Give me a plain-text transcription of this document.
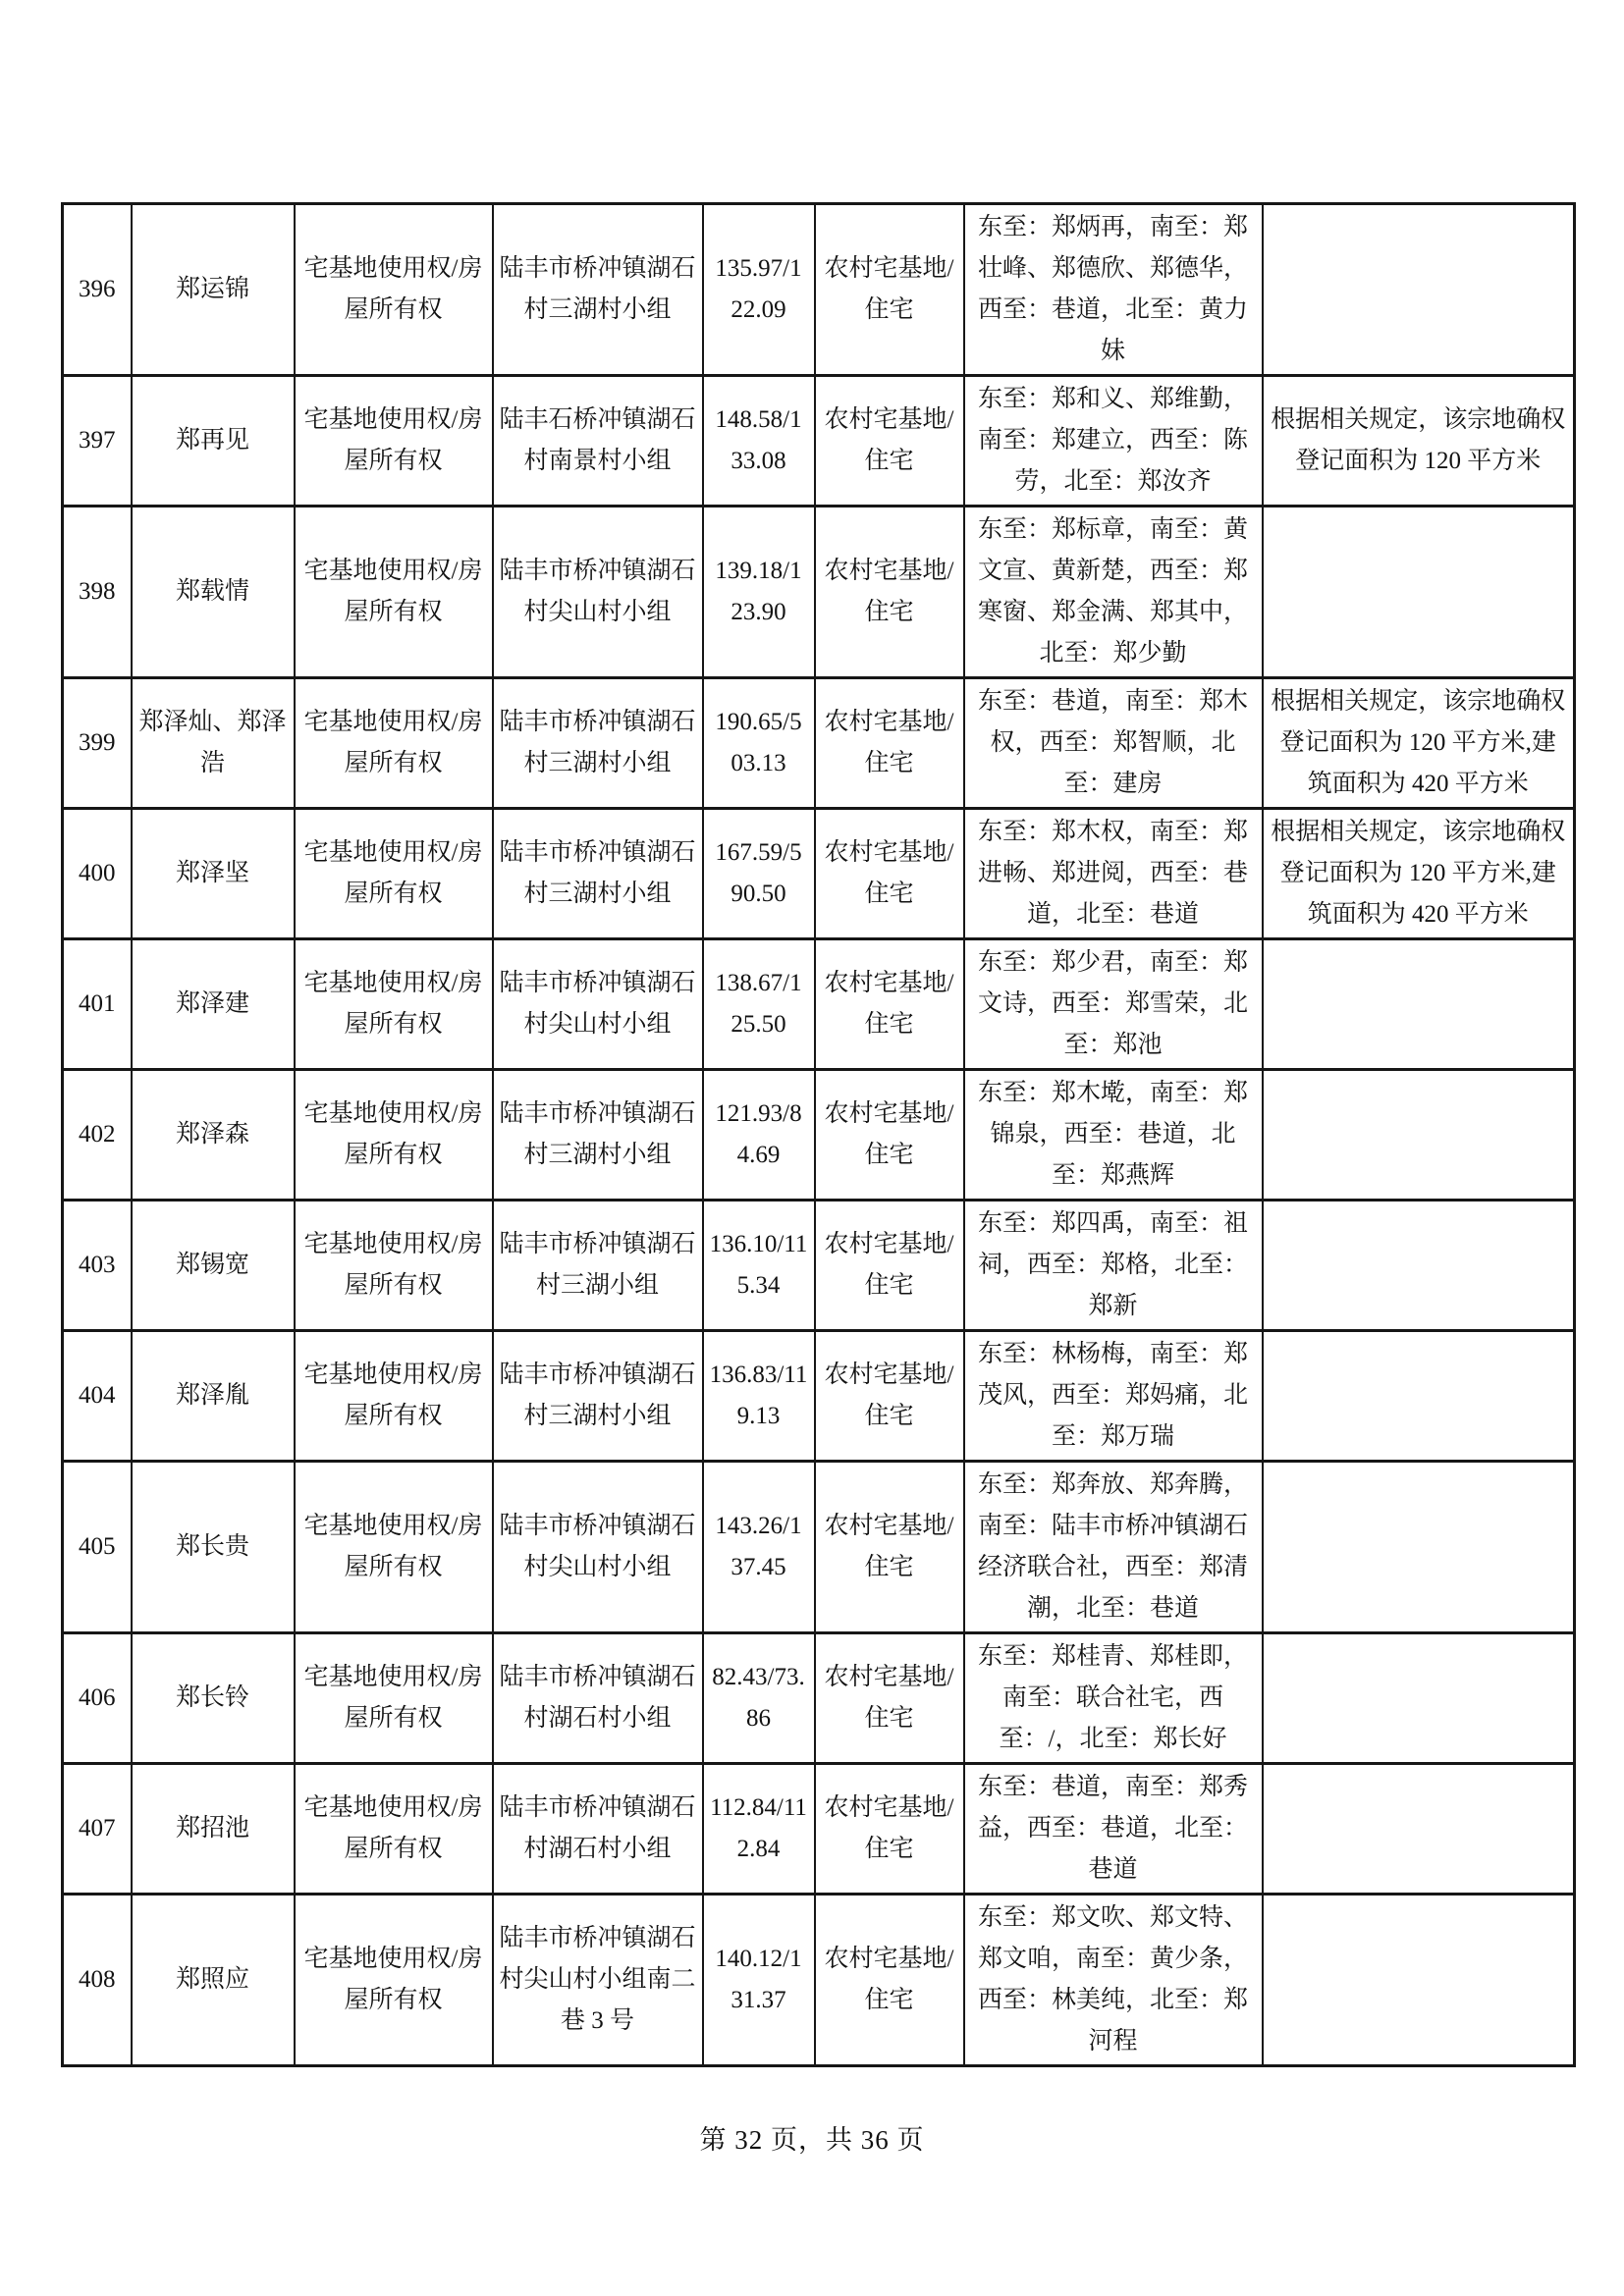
396	郑运锦	宅基地使用权/房屋所有权	陆丰市桥冲镇湖石村三湖村小组	135.97/122.09	农村宅基地/住宅	东至：郑炳再，南至：郑壮峰、郑德欣、郑德华，西至：巷道，北至：黄力妹	
397	郑再见	宅基地使用权/房屋所有权	陆丰石桥冲镇湖石村南景村小组	148.58/133.08	农村宅基地/住宅	东至：郑和义、郑维勤，南至：郑建立，西至：陈劳，北至：郑汝齐	根据相关规定，该宗地确权登记面积为 120 平方米
398	郑载情	宅基地使用权/房屋所有权	陆丰市桥冲镇湖石村尖山村小组	139.18/123.90	农村宅基地/住宅	东至：郑标章，南至：黄文宣、黄新楚，西至：郑寒窗、郑金满、郑其中，北至：郑少勤	
399	郑泽灿、郑泽浩	宅基地使用权/房屋所有权	陆丰市桥冲镇湖石村三湖村小组	190.65/503.13	农村宅基地/住宅	东至：巷道，南至：郑木权，西至：郑智顺，北至：建房	根据相关规定，该宗地确权登记面积为 120 平方米,建筑面积为 420 平方米
400	郑泽坚	宅基地使用权/房屋所有权	陆丰市桥冲镇湖石村三湖村小组	167.59/590.50	农村宅基地/住宅	东至：郑木权，南至：郑进畅、郑进阅，西至：巷道，北至：巷道	根据相关规定，该宗地确权登记面积为 120 平方米,建筑面积为 420 平方米
401	郑泽建	宅基地使用权/房屋所有权	陆丰市桥冲镇湖石村尖山村小组	138.67/125.50	农村宅基地/住宅	东至：郑少君，南至：郑文诗，西至：郑雪荣，北至：郑池	
402	郑泽森	宅基地使用权/房屋所有权	陆丰市桥冲镇湖石村三湖村小组	121.93/84.69	农村宅基地/住宅	东至：郑木墘，南至：郑锦泉，西至：巷道，北至：郑燕辉	
403	郑锡宽	宅基地使用权/房屋所有权	陆丰市桥冲镇湖石村三湖小组	136.10/115.34	农村宅基地/住宅	东至：郑四禹，南至：祖祠，西至：郑格，北至：郑新	
404	郑泽胤	宅基地使用权/房屋所有权	陆丰市桥冲镇湖石村三湖村小组	136.83/119.13	农村宅基地/住宅	东至：林杨梅，南至：郑茂风，西至：郑妈痛，北至：郑万瑞	
405	郑长贵	宅基地使用权/房屋所有权	陆丰市桥冲镇湖石村尖山村小组	143.26/137.45	农村宅基地/住宅	东至：郑奔放、郑奔腾，南至：陆丰市桥冲镇湖石经济联合社，西至：郑清潮，北至：巷道	
406	郑长铃	宅基地使用权/房屋所有权	陆丰市桥冲镇湖石村湖石村小组	82.43/73.86	农村宅基地/住宅	东至：郑桂青、郑桂即，南至：联合社宅，西至：/，北至：郑长好	
407	郑招池	宅基地使用权/房屋所有权	陆丰市桥冲镇湖石村湖石村小组	112.84/112.84	农村宅基地/住宅	东至：巷道，南至：郑秀益，西至：巷道，北至：巷道	
408	郑照应	宅基地使用权/房屋所有权	陆丰市桥冲镇湖石村尖山村小组南二巷 3 号	140.12/131.37	农村宅基地/住宅	东至：郑文吹、郑文特、郑文咱，南至：黄少条，西至：林美纯，北至：郑河程	
第 32 页，共 36 页
